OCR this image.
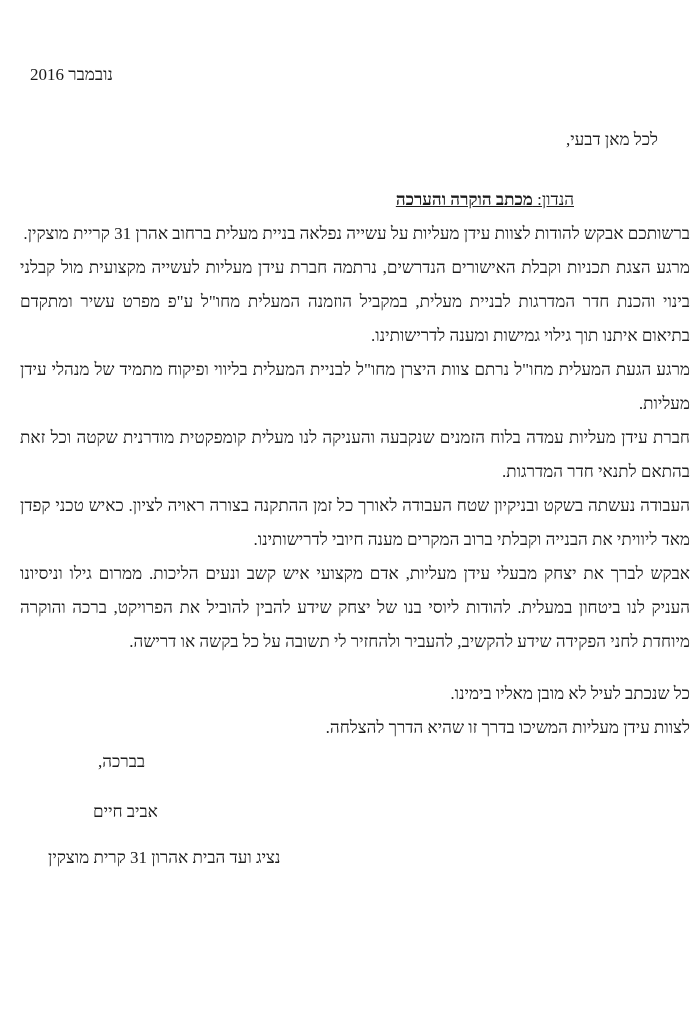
נובמבר 2016
לכל מאן דבעי,
הנדון: מכתב הוקרה והערכה

ברשותכם אבקש להודות לצוות עידן מעליות על עשייה נפלאה בניית מעלית ברחוב אהרן 31 קריית מוצקין.

מרגע הצגת תכניות וקבלת האישורים הנדרשים, נרתמה חברת עידן מעליות לעשייה מקצועית מול קבלני בינוי והכנת חדר המדרגות לבניית מעלית, במקביל הוזמנה המעלית מחו"ל ע"פ מפרט עשיר ומתקדם בתיאום איתנו תוך גילוי גמישות ומענה לדרישותינו.

מרגע הגעת המעלית מחו"ל נרתם צוות היצרן מחו"ל לבניית המעלית בליווי ופיקוח מתמיד של מנהלי עידן מעליות.

חברת עידן מעליות עמדה בלוח הזמנים שנקבעה והעניקה לנו מעלית קומפקטית מודרנית שקטה וכל זאת בהתאם לתנאי חדר המדרגות.

העבודה נעשתה בשקט ובניקיון שטח העבודה לאורך כל זמן ההתקנה בצורה ראויה לציון. כאיש טכני קפדן מאד ליוויתי את הבנייה וקבלתי ברוב המקרים מענה חיובי לדרישותינו.

אבקש לברך את יצחק מבעלי עידן מעליות, אדם מקצועי איש קשב ונעים הליכות. ממרום גילו וניסיונו העניק לנו ביטחון במעלית. להודות ליוסי בנו של יצחק שידע להבין להוביל את הפרויקט, ברכה והוקרה מיוחדת לחני הפקידה שידע להקשיב, להעביר ולהחזיר לי תשובה על כל בקשה או דרישה.

כל שנכתב לעיל לא מובן מאליו בימינו.
לצוות עידן מעליות המשיכו בדרך זו שהיא הדרך להצלחה.
בברכה,
אביב חיים
נציג ועד הבית אהרון 31 קרית מוצקין
